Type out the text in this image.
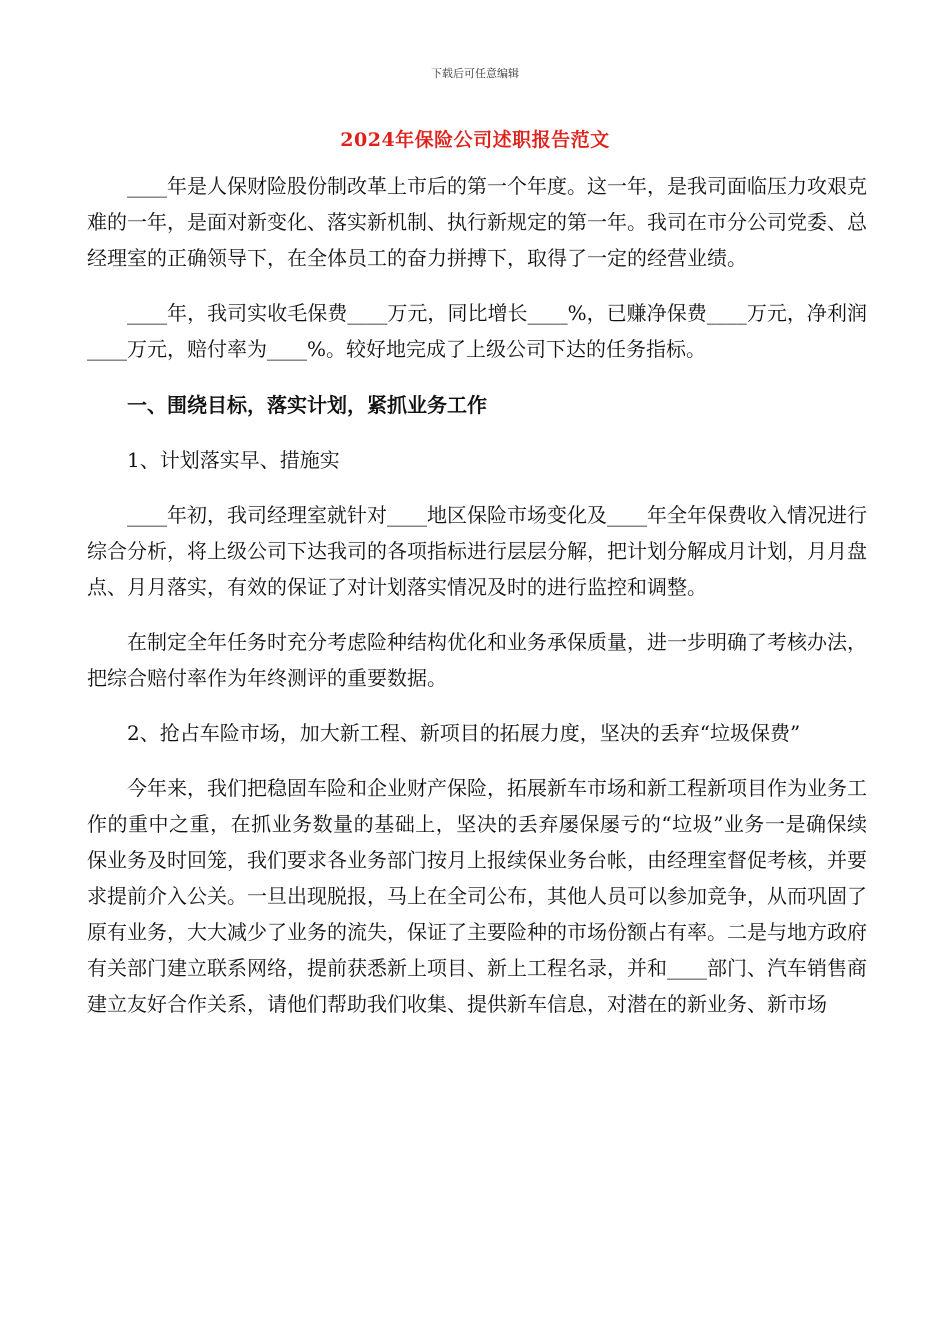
下载后可任意编辑
2024年保险公司述职报告范文

____年是人保财险股份制改革上市后的第一个年度。这一年，是我司面临压力攻艰克难的一年，是面对新变化、落实新机制、执行新规定的第一年。我司在市分公司党委、总经理室的正确领导下，在全体员工的奋力拼搏下，取得了一定的经营业绩。

____年，我司实收毛保费____万元，同比增长____%，已赚净保费____万元，净利润____万元，赔付率为____%。较好地完成了上级公司下达的任务指标。

一、围绕目标，落实计划，紧抓业务工作

1、计划落实早、措施实

____年初，我司经理室就针对____地区保险市场变化及____年全年保费收入情况进行综合分析，将上级公司下达我司的各项指标进行层层分解，把计划分解成月计划，月月盘点、月月落实，有效的保证了对计划落实情况及时的进行监控和调整。

在制定全年任务时充分考虑险种结构优化和业务承保质量，进一步明确了考核办法，把综合赔付率作为年终测评的重要数据。

2、抢占车险市场，加大新工程、新项目的拓展力度，坚决的丢弃“垃圾保费”

今年来，我们把稳固车险和企业财产保险，拓展新车市场和新工程新项目作为业务工作的重中之重，在抓业务数量的基础上，坚决的丢弃屡保屡亏的“垃圾”业务一是确保续保业务及时回笼，我们要求各业务部门按月上报续保业务台帐，由经理室督促考核，并要求提前介入公关。一旦出现脱报，马上在全司公布，其他人员可以参加竞争，从而巩固了原有业务，大大减少了业务的流失，保证了主要险种的市场份额占有率。二是与地方政府有关部门建立联系网络，提前获悉新上项目、新上工程名录，并和____部门、汽车销售商建立友好合作关系，请他们帮助我们收集、提供新车信息，对潜在的新业务、新市场
